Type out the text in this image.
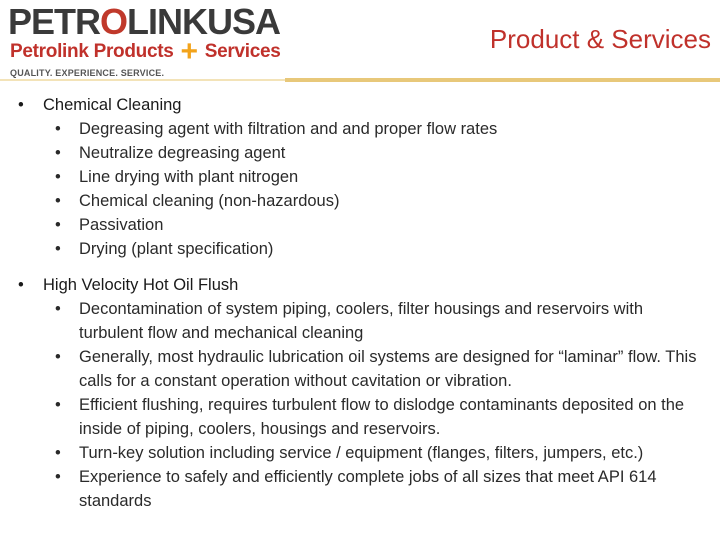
PETROLINKUSA
Petrolink Products + Services
QUALITY. EXPERIENCE. SERVICE.
Product & Services
• Chemical Cleaning
• Degreasing agent with filtration and and proper flow rates
• Neutralize degreasing agent
• Line drying with plant nitrogen
• Chemical cleaning (non-hazardous)
• Passivation
• Drying (plant specification)
• High Velocity Hot Oil Flush
• Decontamination of system piping, coolers, filter housings and reservoirs with turbulent flow and mechanical cleaning
• Generally, most hydraulic lubrication oil systems are designed for “laminar” flow. This calls for a constant operation without cavitation or vibration.
• Efficient flushing, requires turbulent flow to dislodge contaminants deposited on the inside of piping, coolers, housings and reservoirs.
• Turn-key solution including service / equipment (flanges, filters, jumpers, etc.)
• Experience to safely and efficiently complete jobs of all sizes that meet API 614 standards
